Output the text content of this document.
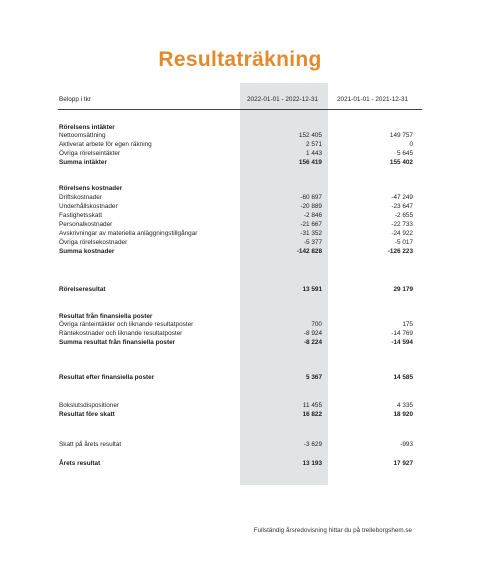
Resultaträkning
Belopp i tkr	2022-01-01 - 2022-12-31	2021-01-01 - 2021-12-31
Rörelsens intäkter
Nettoomsättning	152 405	149 757
Aktiverat arbete för egen räkning	2 571	0
Övriga rörelseintäkter	1 443	5 645
Summa intäkter	156 419	155 402
Rörelsens kostnader
Driftskostnader	-60 697	-47 249
Underhållskostnader	-20 889	-23 647
Fastighetsskatt	-2 846	-2 655
Personalkostnader	-21 667	-22 733
Avskrivningar av materiella anläggningstillgångar	-31 352	-24 922
Övriga rörelsekostnader	-5 377	-5 017
Summa kostnader	-142 828	-126 223
Rörelseresultat	13 591	29 179
Resultat från finansiella poster
Övriga ränteintäkter och liknande resultatposter	700	175
Räntekostnader och liknande resultatposter	-8 924	-14 769
Summa resultat från finansiella poster	-8 224	-14 594
Resultat efter finansiella poster	5 367	14 585
Bokslutsdispositioner	11 455	4 335
Resultat före skatt	16 822	18 920
Skatt på årets resultat	-3 629	-993
Årets resultat	13 193	17 927
Fullständig årsredovisning hittar du på trelleborgshem.se
